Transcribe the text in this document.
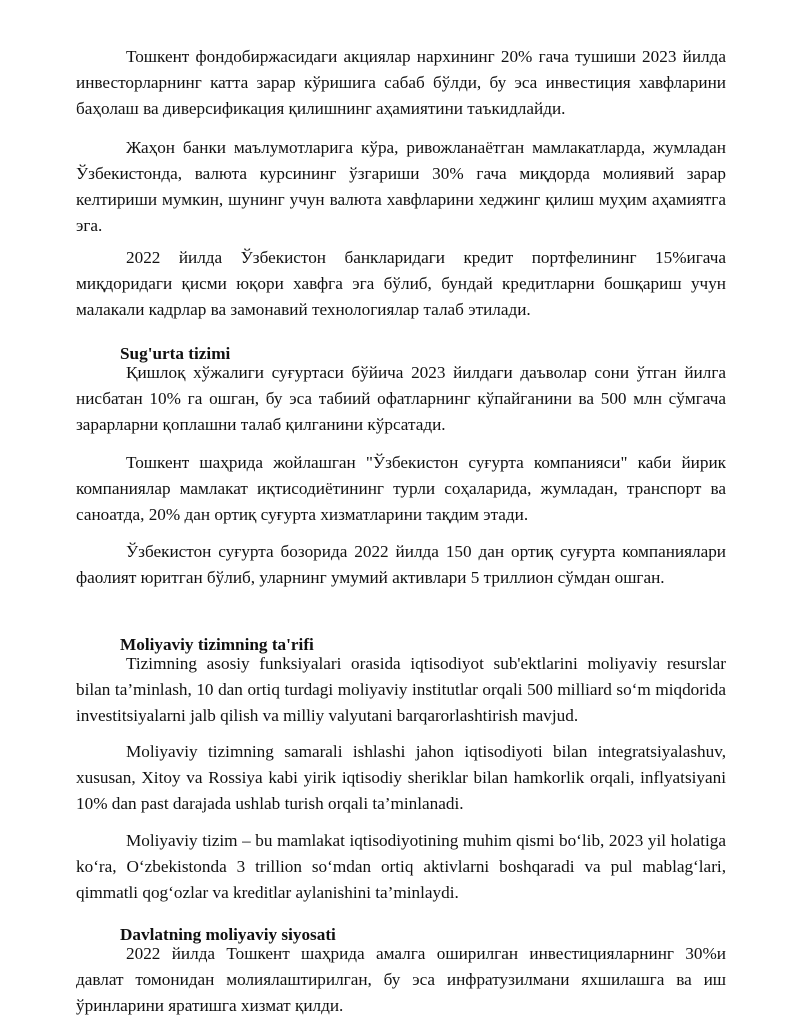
Тошкент фондобиржасидаги акциялар нархининг 20% гача тушиши 2023 йилда инвесторларнинг катта зарар кўришига сабаб бўлди, бу эса инвестиция хавфларини баҳолаш ва диверсификация қилишнинг аҳамиятини таъкидлайди.

Жаҳон банки маълумотларига кўра, ривожланаётган мамлакатларда, жумладан Ўзбекистонда, валюта курсининг ўзгариши 30% гача миқдорда молиявий зарар келтириши мумкин, шунинг учун валюта хавфларини хеджинг қилиш муҳим аҳамиятга эга.

2022 йилда Ўзбекистон банкларидаги кредит портфелининг 15%игача миқдоридаги қисми юқори хавфга эга бўлиб, бундай кредитларни бошқариш учун малакали кадрлар ва замонавий технологиялар талаб этилади.

Sug'urta tizimi

Қишлоқ хўжалиги суғуртаси бўйича 2023 йилдаги даъволар сони ўтган йилга нисбатан 10% га ошган, бу эса табиий офатларнинг кўпайганини ва 500 млн сўмгача зарарларни қоплашни талаб қилганини кўрсатади.

Тошкент шаҳрида жойлашган "Ўзбекистон суғурта компанияси" каби йирик компаниялар мамлакат иқтисодиётининг турли соҳаларида, жумладан, транспорт ва саноатда, 20% дан ортиқ суғурта хизматларини тақдим этади.

Ўзбекистон суғурта бозорида 2022 йилда 150 дан ортиқ суғурта компаниялари фаолият юритган бўлиб, уларнинг умумий активлари 5 триллион сўмдан ошган.

Moliyaviy tizimning ta'rifi

Tizimning asosiy funksiyalari orasida iqtisodiyot sub'ektlarini moliyaviy resurslar bilan ta’minlash, 10 dan ortiq turdagi moliyaviy institutlar orqali 500 milliard so‘m miqdorida investitsiyalarni jalb qilish va milliy valyutani barqarorlashtirish mavjud.

Moliyaviy tizimning samarali ishlashi jahon iqtisodiyoti bilan integratsiyalashuv, xususan, Xitoy va Rossiya kabi yirik iqtisodiy sheriklar bilan hamkorlik orqali, inflyatsiyani 10% dan past darajada ushlab turish orqali ta’minlanadi.

Moliyaviy tizim – bu mamlakat iqtisodiyotining muhim qismi bo‘lib, 2023 yil holatiga ko‘ra, O‘zbekistonda 3 trillion so‘mdan ortiq aktivlarni boshqaradi va pul mablag‘lari, qimmatli qog‘ozlar va kreditlar aylanishini ta’minlaydi.

Davlatning moliyaviy siyosati

2022 йилда Тошкент шаҳрида амалга оширилган инвестицияларнинг 30%и давлат томонидан молиялаштирилган, бу эса инфратузилмани яхшилашга ва иш ўринларини яратишга хизмат қилди.
